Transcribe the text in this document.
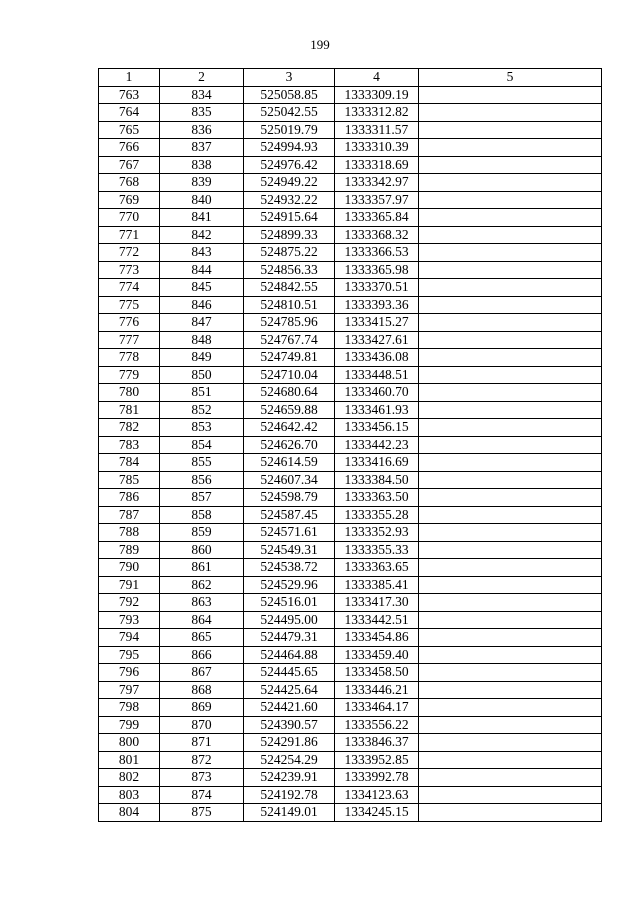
199
1	2	3	4	5
763	834	525058.85	1333309.19	
764	835	525042.55	1333312.82	
765	836	525019.79	1333311.57	
766	837	524994.93	1333310.39	
767	838	524976.42	1333318.69	
768	839	524949.22	1333342.97	
769	840	524932.22	1333357.97	
770	841	524915.64	1333365.84	
771	842	524899.33	1333368.32	
772	843	524875.22	1333366.53	
773	844	524856.33	1333365.98	
774	845	524842.55	1333370.51	
775	846	524810.51	1333393.36	
776	847	524785.96	1333415.27	
777	848	524767.74	1333427.61	
778	849	524749.81	1333436.08	
779	850	524710.04	1333448.51	
780	851	524680.64	1333460.70	
781	852	524659.88	1333461.93	
782	853	524642.42	1333456.15	
783	854	524626.70	1333442.23	
784	855	524614.59	1333416.69	
785	856	524607.34	1333384.50	
786	857	524598.79	1333363.50	
787	858	524587.45	1333355.28	
788	859	524571.61	1333352.93	
789	860	524549.31	1333355.33	
790	861	524538.72	1333363.65	
791	862	524529.96	1333385.41	
792	863	524516.01	1333417.30	
793	864	524495.00	1333442.51	
794	865	524479.31	1333454.86	
795	866	524464.88	1333459.40	
796	867	524445.65	1333458.50	
797	868	524425.64	1333446.21	
798	869	524421.60	1333464.17	
799	870	524390.57	1333556.22	
800	871	524291.86	1333846.37	
801	872	524254.29	1333952.85	
802	873	524239.91	1333992.78	
803	874	524192.78	1334123.63	
804	875	524149.01	1334245.15	
